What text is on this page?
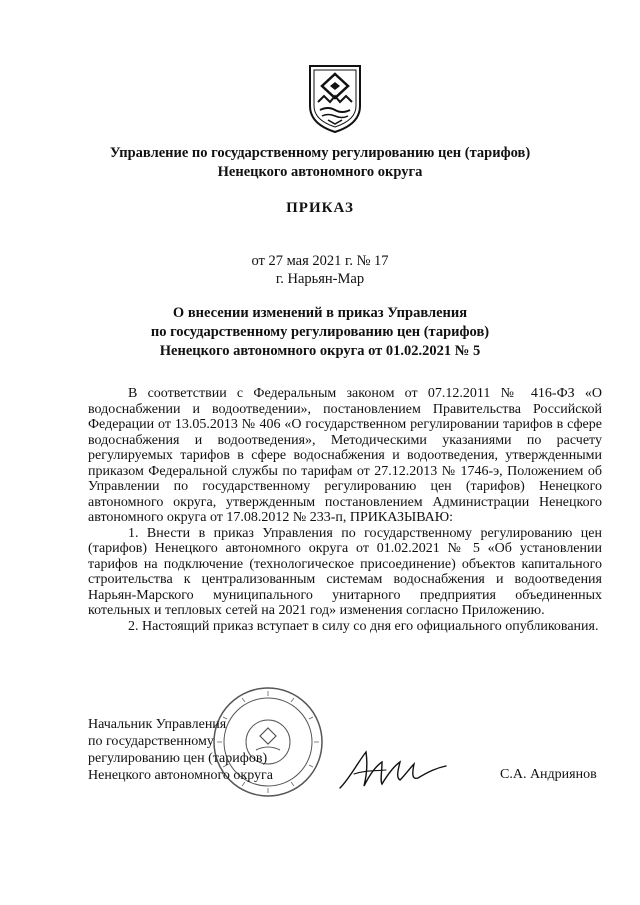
Управление по государственному регулированию цен (тарифов)
Ненецкого автономного округа
ПРИКАЗ
от 27 мая 2021 г. № 17
г. Нарьян-Мар
О внесении изменений в приказ Управления
по государственному регулированию цен (тарифов)
Ненецкого автономного округа от 01.02.2021 № 5

В соответствии с Федеральным законом от 07.12.2011 № 416-ФЗ «О водоснабжении и водоотведении», постановлением Правительства Российской Федерации от 13.05.2013 № 406 «О государственном регулировании тарифов в сфере водоснабжения и водоотведения», Методическими указаниями по расчету регулируемых тарифов в сфере водоснабжения и водоотведения, утвержденными приказом Федеральной службы по тарифам от 27.12.2013 № 1746-э, Положением об Управлении по государственному регулированию цен (тарифов) Ненецкого автономного округа, утвержденным постановлением Администрации Ненецкого автономного округа от 17.08.2012 № 233-п, ПРИКАЗЫВАЮ:

1. Внести в приказ Управления по государственному регулированию цен (тарифов) Ненецкого автономного округа от 01.02.2021 № 5 «Об установлении тарифов на подключение (технологическое присоединение) объектов капитального строительства к централизованным системам водоснабжения и водоотведения Нарьян-Марского муниципального унитарного предприятия объединенных котельных и тепловых сетей на 2021 год» изменения согласно Приложению.

2. Настоящий приказ вступает в силу со дня его официального опубликования.

Начальник Управления
по государственному
регулированию цен (тарифов)
Ненецкого автономного округа	С.А. Андриянов
